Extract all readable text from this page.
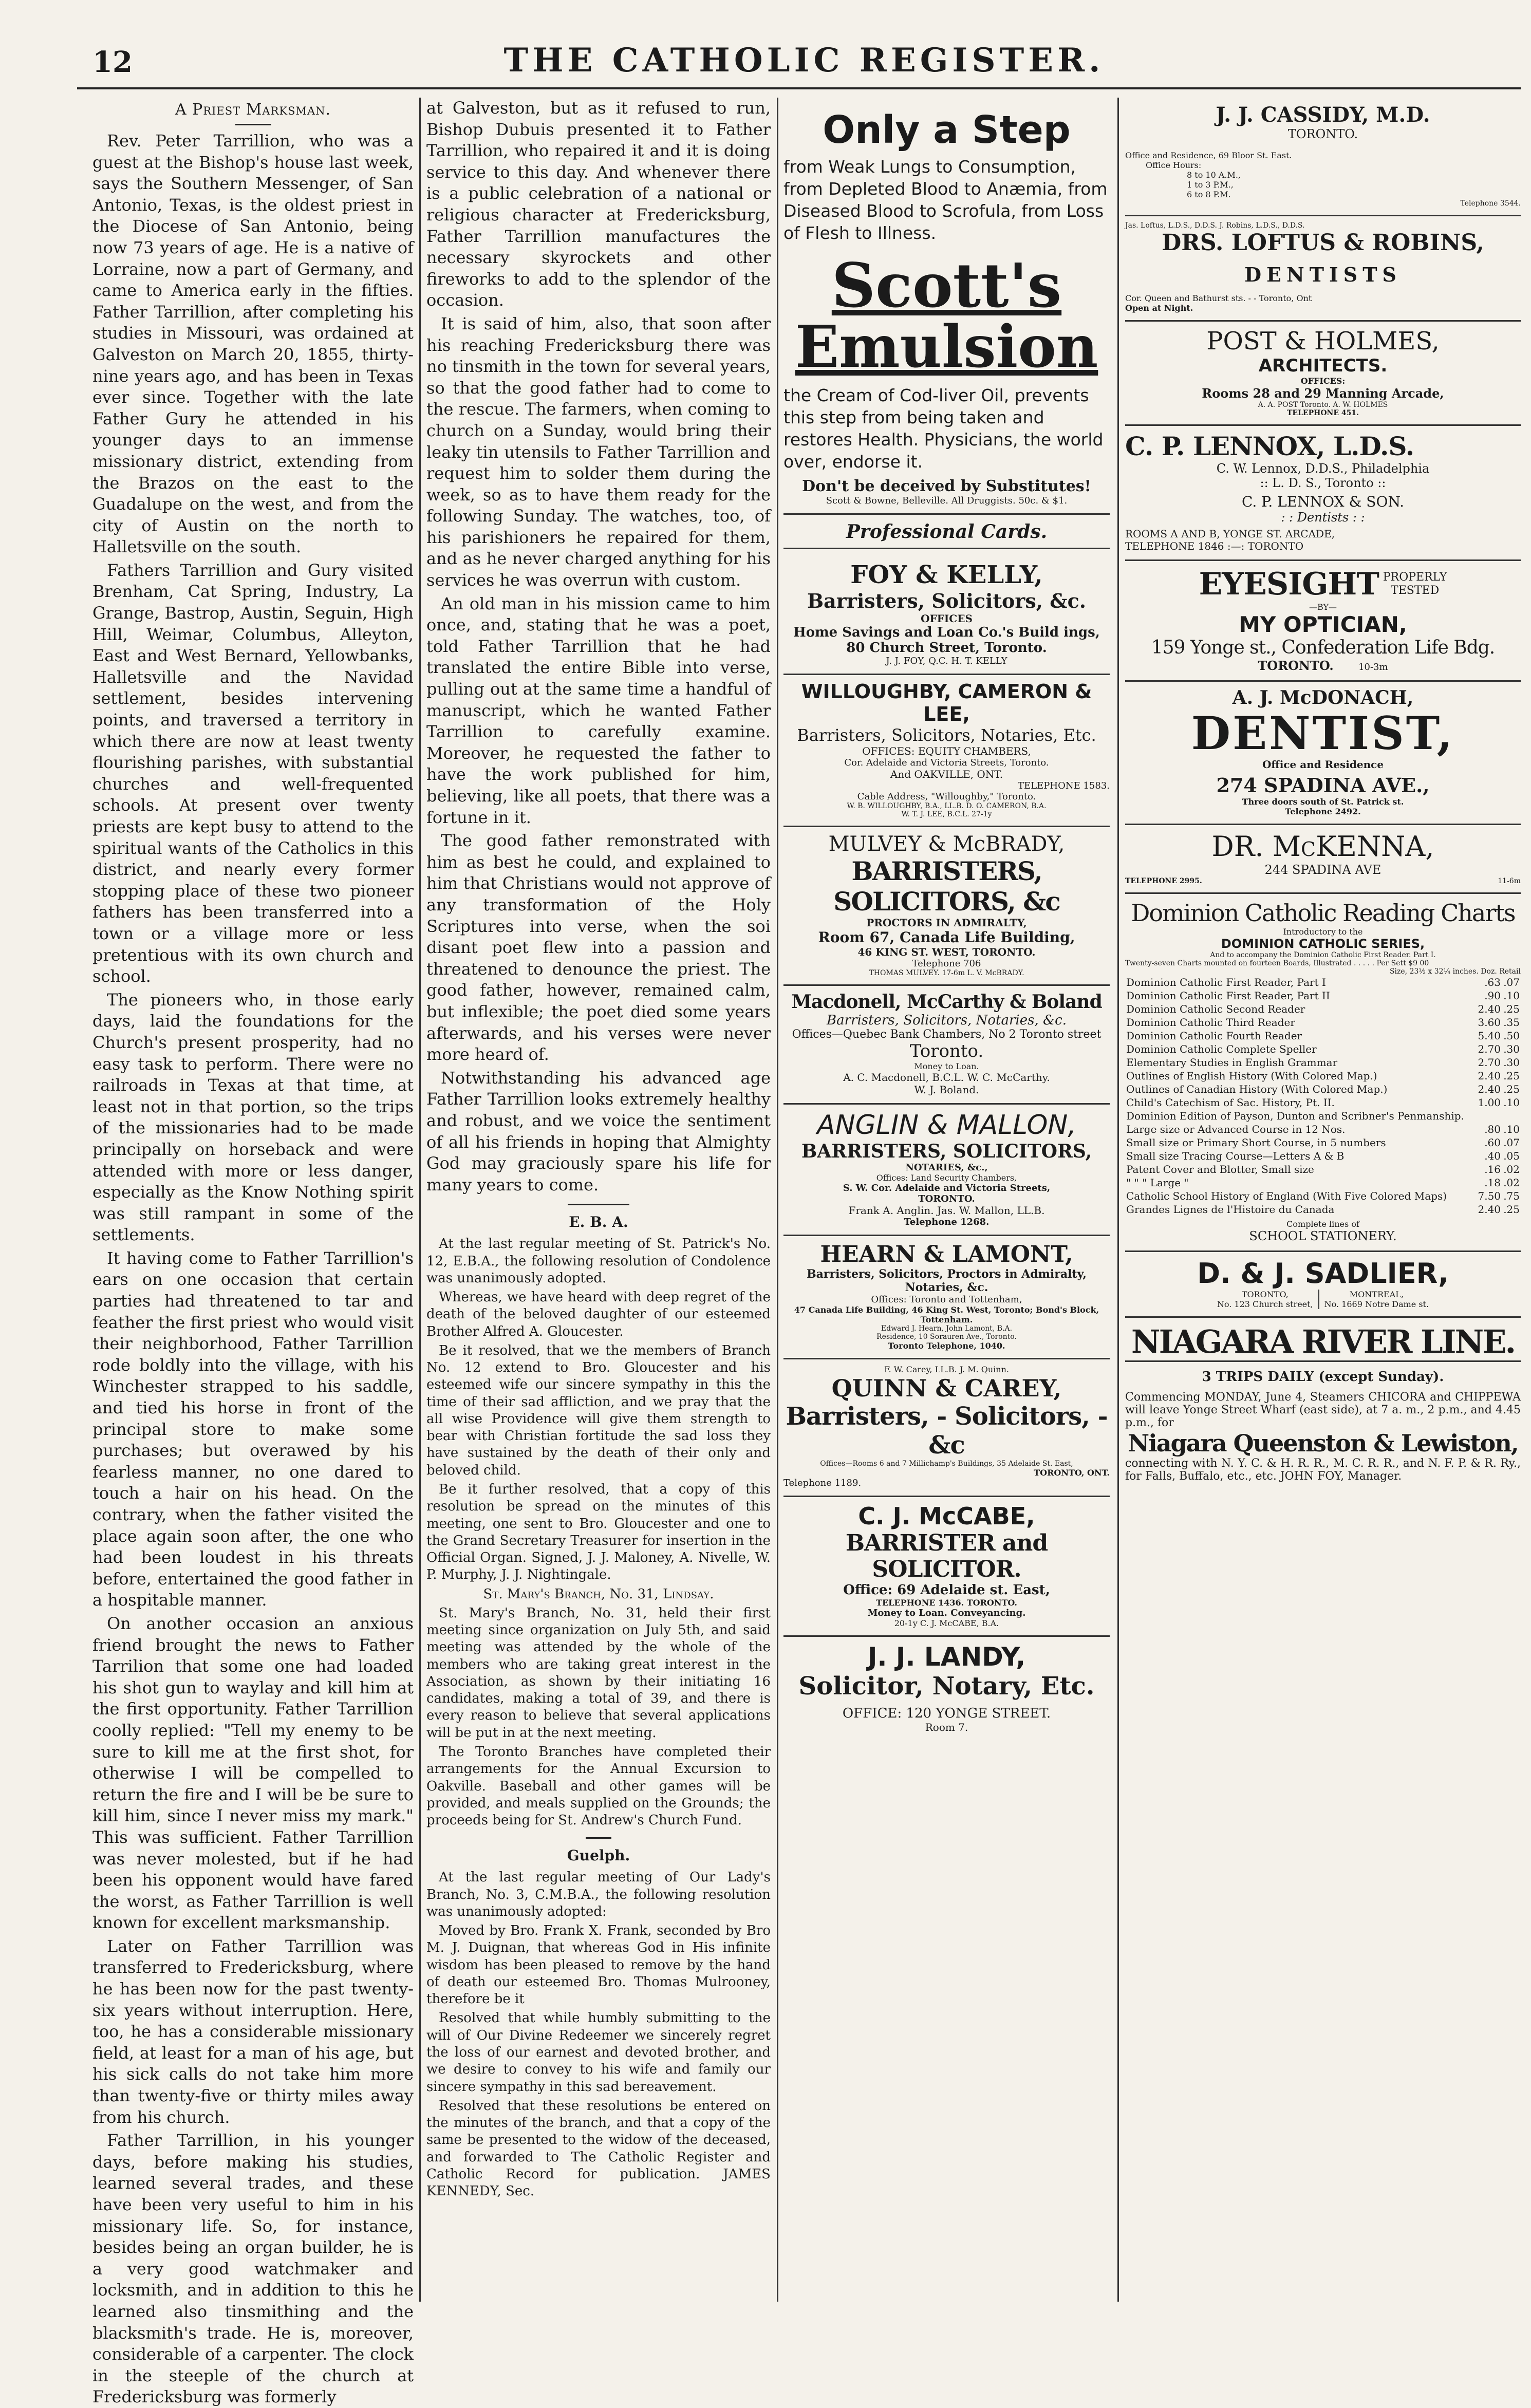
12	THE CATHOLIC REGISTER.
A Priest Marksman.

Rev. Peter Tarrillion, who was a guest at the Bishop's house last week, says the Southern Messenger, of San Antonio, Texas, is the oldest priest in the Diocese of San Antonio, being now 73 years of age. He is a native of Lorraine, now a part of Germany, and came to America early in the fifties. Father Tarrillion, after completing his studies in Missouri, was ordained at Galveston on March 20, 1855, thirty-nine years ago, and has been in Texas ever since. Together with the late Father Gury he attended in his younger days to an immense missionary district, extending from the Brazos on the east to the Guadalupe on the west, and from the city of Austin on the north to Halletsville on the south.

Fathers Tarrillion and Gury visited Brenham, Cat Spring, Industry, La Grange, Bastrop, Austin, Seguin, High Hill, Weimar, Columbus, Alleyton, East and West Bernard, Yellowbanks, Halletsville and the Navidad settlement, besides intervening points, and traversed a territory in which there are now at least twenty flourishing parishes, with substantial churches and well-frequented schools. At present over twenty priests are kept busy to attend to the spiritual wants of the Catholics in this district, and nearly every former stopping place of these two pioneer fathers has been transferred into a town or a village more or less pretentious with its own church and school.

The pioneers who, in those early days, laid the foundations for the Church's present prosperity, had no easy task to perform. There were no railroads in Texas at that time, at least not in that portion, so the trips of the missionaries had to be made principally on horseback and were attended with more or less danger, especially as the Know Nothing spirit was still rampant in some of the settlements.

It having come to Father Tarrillion's ears on one occasion that certain parties had threatened to tar and feather the first priest who would visit their neighborhood, Father Tarrillion rode boldly into the village, with his Winchester strapped to his saddle, and tied his horse in front of the principal store to make some purchases; but overawed by his fearless manner, no one dared to touch a hair on his head. On the contrary, when the father visited the place again soon after, the one who had been loudest in his threats before, entertained the good father in a hospitable manner.

On another occasion an anxious friend brought the news to Father Tarrilion that some one had loaded his shot gun to waylay and kill him at the first opportunity. Father Tarrillion coolly replied: "Tell my enemy to be sure to kill me at the first shot, for otherwise I will be compelled to return the fire and I will be be sure to kill him, since I never miss my mark." This was sufficient. Father Tarrillion was never molested, but if he had been his opponent would have fared the worst, as Father Tarrillion is well known for excellent marksmanship.

Later on Father Tarrillion was transferred to Fredericksburg, where he has been now for the past twenty-six years without interruption. Here, too, he has a considerable missionary field, at least for a man of his age, but his sick calls do not take him more than twenty-five or thirty miles away from his church.

Father Tarrillion, in his younger days, before making his studies, learned several trades, and these have been very useful to him in his missionary life. So, for instance, besides being an organ builder, he is a very good watchmaker and locksmith, and in addition to this he learned also tinsmithing and the blacksmith's trade. He is, moreover, considerable of a carpenter. The clock in the steeple of the church at Fredericksburg was formerly

at Galveston, but as it refused to run, Bishop Dubuis presented it to Father Tarrillion, who repaired it and it is doing service to this day. And whenever there is a public celebration of a national or religious character at Fredericksburg, Father Tarrillion manufactures the necessary skyrockets and other fireworks to add to the splendor of the occasion.

It is said of him, also, that soon after his reaching Fredericksburg there was no tinsmith in the town for several years, so that the good father had to come to the rescue. The farmers, when coming to church on a Sunday, would bring their leaky tin utensils to Father Tarrillion and request him to solder them during the week, so as to have them ready for the following Sunday. The watches, too, of his parishioners he repaired for them, and as he never charged anything for his services he was overrun with custom.

An old man in his mission came to him once, and, stating that he was a poet, told Father Tarrillion that he had translated the entire Bible into verse, pulling out at the same time a handful of manuscript, which he wanted Father Tarrillion to carefully examine. Moreover, he requested the father to have the work published for him, believing, like all poets, that there was a fortune in it.

The good father remonstrated with him as best he could, and explained to him that Christians would not approve of any transformation of the Holy Scriptures into verse, when the soi disant poet flew into a passion and threatened to denounce the priest. The good father, however, remained calm, but inflexible; the poet died some years afterwards, and his verses were never more heard of.

Notwithstanding his advanced age Father Tarrillion looks extremely healthy and robust, and we voice the sentiment of all his friends in hoping that Almighty God may graciously spare his life for many years to come.

E. B. A.

At the last regular meeting of St. Patrick's No. 12, E.B.A., the following resolution of Condolence was unanimously adopted.

Whereas, we have heard with deep regret of the death of the beloved daughter of our esteemed Brother Alfred A. Gloucester.

Be it resolved, that we the members of Branch No. 12 extend to Bro. Gloucester and his esteemed wife our sincere sympathy in this the time of their sad affliction, and we pray that the all wise Providence will give them strength to bear with Christian fortitude the sad loss they have sustained by the death of their only and beloved child.

Be it further resolved, that a copy of this resolution be spread on the minutes of this meeting, one sent to Bro. Gloucester and one to the Grand Secretary Treasurer for insertion in the Official Organ. Signed, J. J. Maloney, A. Nivelle, W. P. Murphy, J. J. Nightingale.

St. Mary's Branch, No. 31, Lindsay.

St. Mary's Branch, No. 31, held their first meeting since organization on July 5th, and said meeting was attended by the whole of the members who are taking great interest in the Association, as shown by their initiating 16 candidates, making a total of 39, and there is every reason to believe that several applications will be put in at the next meeting.

The Toronto Branches have completed their arrangements for the Annual Excursion to Oakville. Baseball and other games will be provided, and meals supplied on the Grounds; the proceeds being for St. Andrew's Church Fund.

Guelph.

At the last regular meeting of Our Lady's Branch, No. 3, C.M.B.A., the following resolution was unanimously adopted:

Moved by Bro. Frank X. Frank, seconded by Bro M. J. Duignan, that whereas God in His infinite wisdom has been pleased to remove by the hand of death our esteemed Bro. Thomas Mulrooney, therefore be it

Resolved that while humbly submitting to the will of Our Divine Redeemer we sincerely regret the loss of our earnest and devoted brother, and we desire to convey to his wife and family our sincere sympathy in this sad bereavement.

Resolved that these resolutions be entered on the minutes of the branch, and that a copy of the same be presented to the widow of the deceased, and forwarded to The Catholic Register and Catholic Record for publication. JAMES KENNEDY, Sec.

Only a Step
from Weak Lungs to Consumption, from Depleted Blood to Anæmia, from Diseased Blood to Scrofula, from Loss of Flesh to Illness.
Scott's
Emulsion
the Cream of Cod-liver Oil, prevents this step from being taken and restores Health. Physicians, the world over, endorse it.
Don't be deceived by Substitutes!
Scott & Bowne, Belleville. All Druggists. 50c. & $1.
Professional Cards.
FOY & KELLY,
Barristers, Solicitors, &c.
OFFICES
Home Savings and Loan Co.'s Build ings, 80 Church Street, Toronto.
J. J. FOY, Q.C. H. T. KELLY
WILLOUGHBY, CAMERON & LEE,
Barristers, Solicitors, Notaries, Etc.
OFFICES: EQUITY CHAMBERS,
Cor. Adelaide and Victoria Streets, Toronto.
And OAKVILLE, ONT.
TELEPHONE 1583.
Cable Address, "Willoughby," Toronto.
W. B. WILLOUGHBY, B.A., LL.B. D. O. CAMERON, B.A.
W. T. J. LEE, B.C.L. 27-1y
MULVEY & McBRADY,
BARRISTERS, SOLICITORS, &c
PROCTORS IN ADMIRALTY,
Room 67, Canada Life Building,
46 KING ST. WEST, TORONTO.
Telephone 706
THOMAS MULVEY. 17-6m L. V. McBRADY.
Macdonell, McCarthy & Boland
Barristers, Solicitors, Notaries, &c.
Offices—Quebec Bank Chambers, No 2 Toronto street
Toronto.
Money to Loan.
A. C. Macdonell, B.C.L. W. C. McCarthy.
W. J. Boland.
ANGLIN & MALLON,
BARRISTERS, SOLICITORS,
NOTARIES, &c.,
Offices: Land Security Chambers,
S. W. Cor. Adelaide and Victoria Streets,
TORONTO.
Frank A. Anglin. Jas. W. Mallon, LL.B.
Telephone 1268.
HEARN & LAMONT,
Barristers, Solicitors, Proctors in Admiralty, Notaries, &c.
Offices: Toronto and Tottenham,
47 Canada Life Building, 46 King St. West, Toronto; Bond's Block, Tottenham.
Edward J. Hearn, John Lamont, B.A.
Residence, 10 Sorauren Ave., Toronto.
Toronto Telephone, 1040.
F. W. Carey, LL.B. J. M. Quinn.
QUINN & CAREY,
Barristers, - Solicitors, - &c
Offices—Rooms 6 and 7 Millichamp's Buildings, 35 Adelaide St. East,
TORONTO, ONT.
Telephone 1189.
C. J. McCABE,
BARRISTER and SOLICITOR.
Office: 69 Adelaide st. East,
TELEPHONE 1436. TORONTO.
Money to Loan. Conveyancing.
20-1y C. J. McCABE, B.A.
J. J. LANDY,
Solicitor, Notary, Etc.
OFFICE: 120 YONGE STREET.
Room 7.
J. J. CASSIDY, M.D.
TORONTO.
Office and Residence, 69 Bloor St. East.
Office Hours:
8 to 10 A.M.,
1 to 3 P.M.,
6 to 8 P.M.
Telephone 3544.
Jas. Loftus, L.D.S., D.D.S. J. Robins, L.D.S., D.D.S.
DRS. LOFTUS & ROBINS,
DENTISTS
Cor. Queen and Bathurst sts. - - Toronto, Ont
Open at Night.
POST & HOLMES,
ARCHITECTS.
OFFICES:
Rooms 28 and 29 Manning Arcade,
A. A. POST Toronto. A. W. HOLMES
TELEPHONE 451.
C. P. LENNOX, L.D.S.
C. W. Lennox, D.D.S., Philadelphia
:: L. D. S., Toronto ::
C. P. LENNOX & SON.
: : Dentists : :
ROOMS A AND B, YONGE ST. ARCADE,
TELEPHONE 1846 :—: TORONTO
EYESIGHT PROPERLY
TESTED
—BY—
MY OPTICIAN,
159 Yonge st., Confederation Life Bdg.
TORONTO.	10-3m
A. J. McDONACH,
DENTIST,
Office and Residence
274 SPADINA AVE.,
Three doors south of St. Patrick st.
Telephone 2492.
DR. McKENNA,
244 SPADINA AVE
TELEPHONE 2995.	11-6m
Dominion Catholic Reading Charts
Introductory to the
DOMINION CATHOLIC SERIES,
And to accompany the Dominion Catholic First Reader. Part I.
Twenty-seven Charts mounted on fourteen Boards, Illustrated . . . . . Per Sett $9 00
Size, 23½ x 32¼ inches. Doz. Retail
Dominion Catholic First Reader, Part I	.63	.07
Dominion Catholic First Reader, Part II	.90	.10
Dominion Catholic Second Reader	2.40	.25
Dominion Catholic Third Reader	3.60	.35
Dominion Catholic Fourth Reader	5.40	.50
Dominion Catholic Complete Speller	2.70	.30
Elementary Studies in English Grammar	2.70	.30
Outlines of English History (With Colored Map.)	2.40	.25
Outlines of Canadian History (With Colored Map.)	2.40	.25
Child's Catechism of Sac. History, Pt. II.	1.00	.10
Dominion Edition of Payson, Dunton and Scribner's Penmanship.		
Large size or Advanced Course in 12 Nos.	.80	.10
Small size or Primary Short Course, in 5 numbers	.60	.07
Small size Tracing Course—Letters A & B	.40	.05
Patent Cover and Blotter, Small size	.16	.02
" " " Large "	.18	.02
Catholic School History of England (With Five Colored Maps)	7.50	.75
Grandes Lignes de l'Histoire du Canada	2.40	.25
Complete lines of
SCHOOL STATIONERY.
D. & J. SADLIER,
TORONTO,
No. 123 Church street,
MONTREAL,
No. 1669 Notre Dame st.
NIAGARA RIVER LINE.
3 TRIPS DAILY (except Sunday).
Commencing MONDAY, June 4, Steamers CHICORA and CHIPPEWA will leave Yonge Street Wharf (east side), at 7 a. m., 2 p.m., and 4.45 p.m., for
Niagara Queenston & Lewiston,
connecting with N. Y. C. & H. R. R., M. C. R. R., and N. F. P. & R. Ry., for Falls, Buffalo, etc., etc. JOHN FOY, Manager.
